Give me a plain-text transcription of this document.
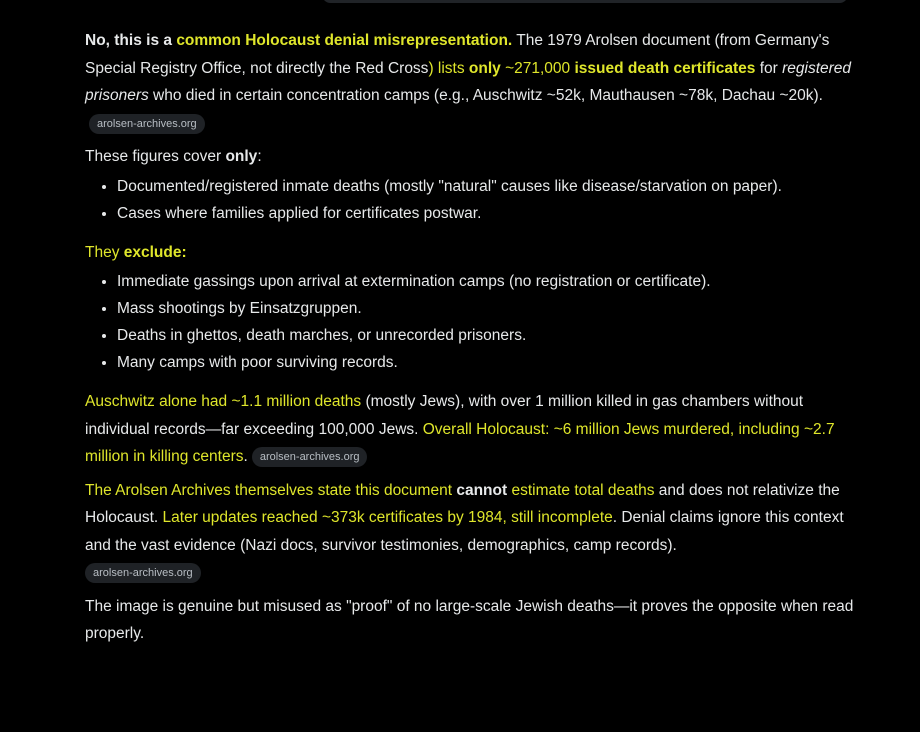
No, this is a common Holocaust denial misrepresentation. The 1979 Arolsen document (from Germany's Special Registry Office, not directly the Red Cross) lists only ~271,000 issued death certificates for registered prisoners who died in certain concentration camps (e.g., Auschwitz ~52k, Mauthausen ~78k, Dachau ~20k).arolsen-archives.org

These figures cover only:

• Documented/registered inmate deaths (mostly "natural" causes like disease/starvation on paper).
• Cases where families applied for certificates postwar.

They exclude:

• Immediate gassings upon arrival at extermination camps (no registration or certificate).
• Mass shootings by Einsatzgruppen.
• Deaths in ghettos, death marches, or unrecorded prisoners.
• Many camps with poor surviving records.

Auschwitz alone had ~1.1 million deaths (mostly Jews), with over 1 million killed in gas chambers without individual records—far exceeding 100,000 Jews. Overall Holocaust: ~6 million Jews murdered, including ~2.7 million in killing centers. arolsen-archives.org

The Arolsen Archives themselves state this document cannot estimate total deaths and does not relativize the Holocaust. Later updates reached ~373k certificates by 1984, still incomplete. Denial claims ignore this context and the vast evidence (Nazi docs, survivor testimonies, demographics, camp records).
arolsen-archives.org

The image is genuine but misused as "proof" of no large-scale Jewish deaths—it proves the opposite when read properly.
